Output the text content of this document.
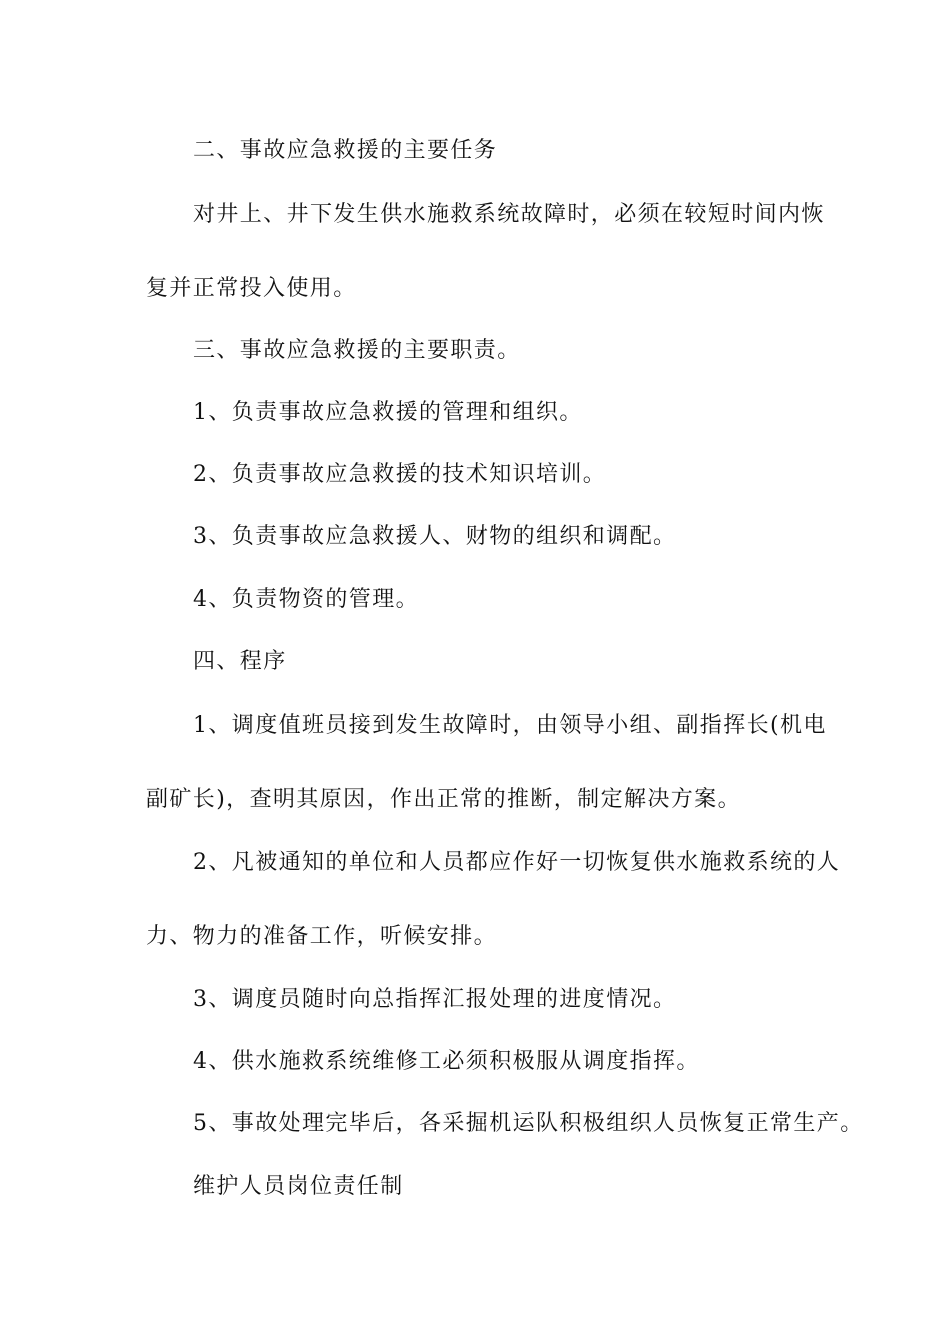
二、事故应急救援的主要任务
对井上、井下发生供水施救系统故障时，必须在较短时间内恢
复并正常投入使用。
三、事故应急救援的主要职责。
1、负责事故应急救援的管理和组织。
2、负责事故应急救援的技术知识培训。
3、负责事故应急救援人、财物的组织和调配。
4、负责物资的管理。
四、程序
1、调度值班员接到发生故障时，由领导小组、副指挥长(机电
副矿长)，查明其原因，作出正常的推断，制定解决方案。
2、凡被通知的单位和人员都应作好一切恢复供水施救系统的人
力、物力的准备工作，听候安排。
3、调度员随时向总指挥汇报处理的进度情况。
4、供水施救系统维修工必须积极服从调度指挥。
5、事故处理完毕后，各采掘机运队积极组织人员恢复正常生产。
维护人员岗位责任制
